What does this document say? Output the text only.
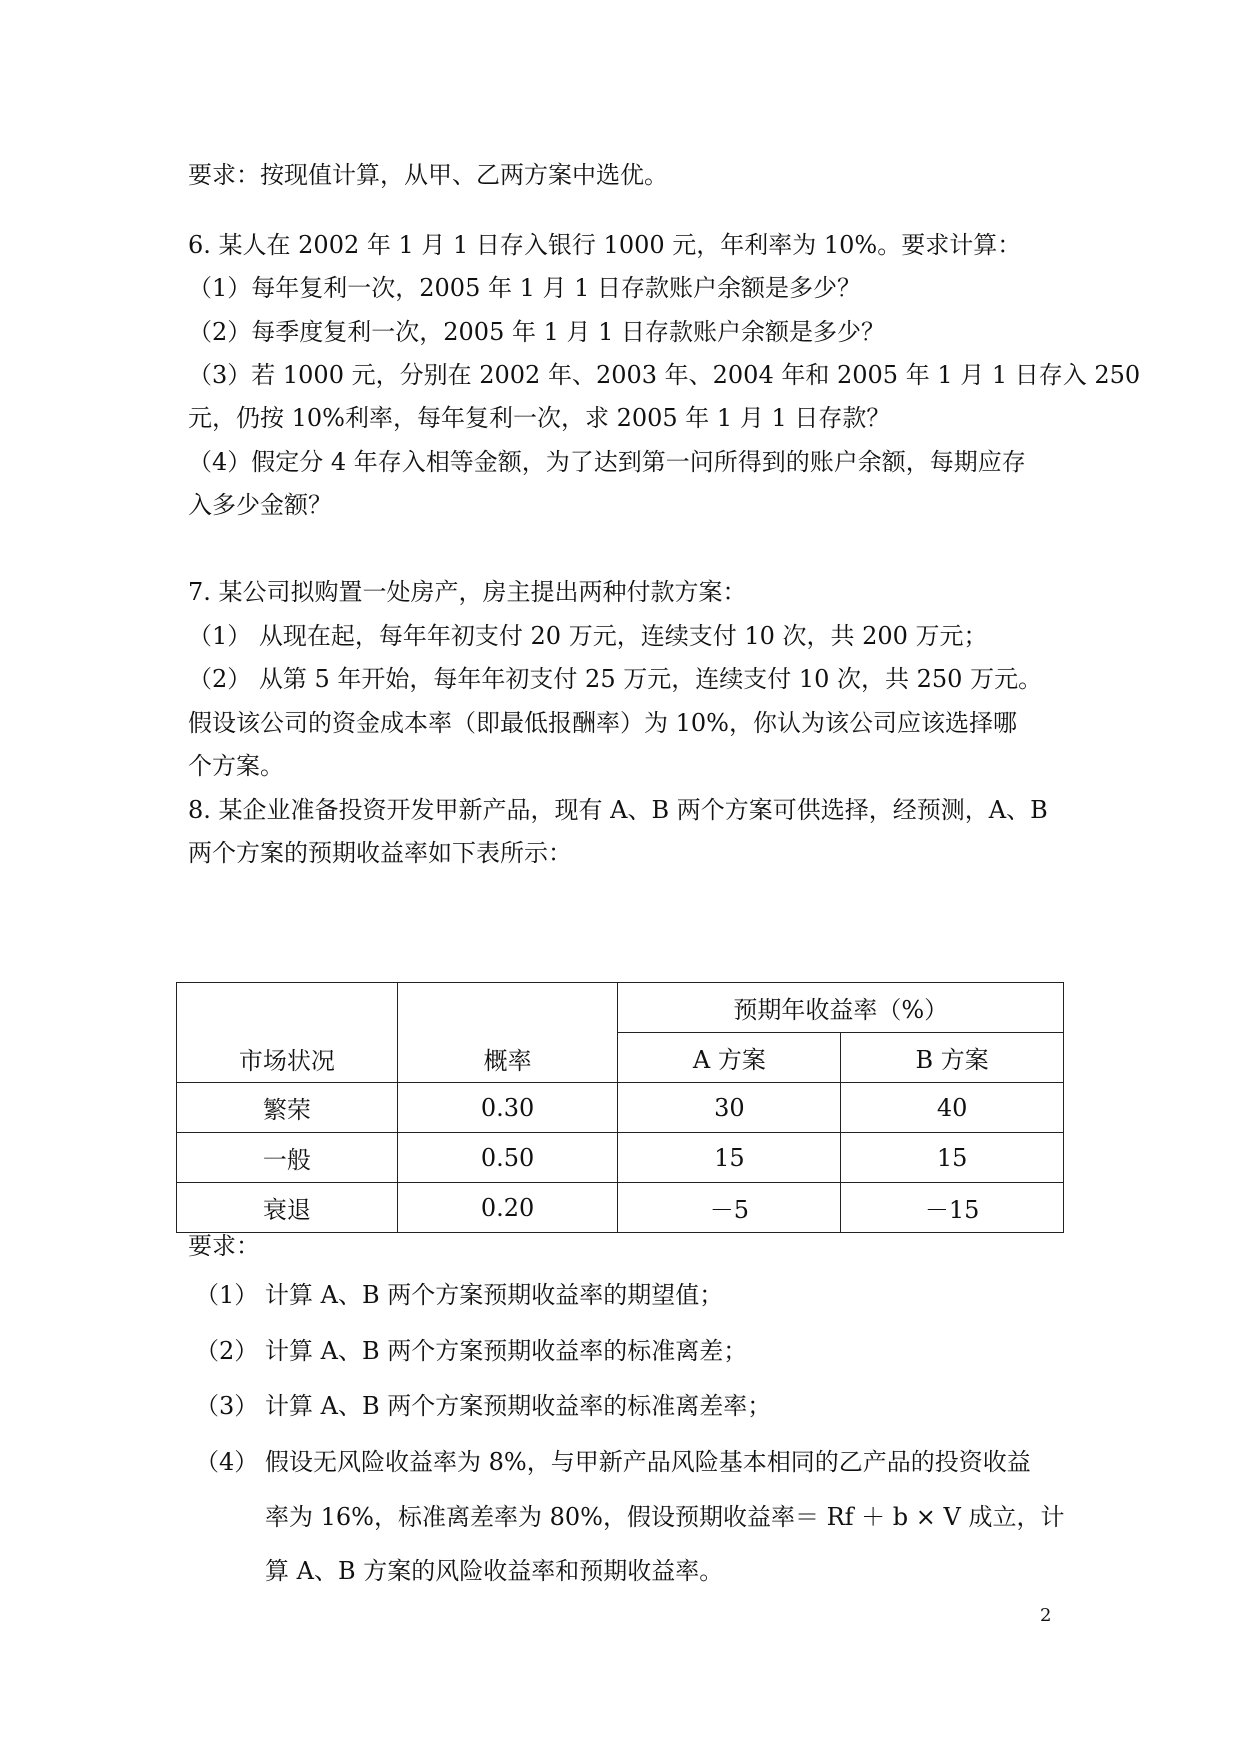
要求：按现值计算，从甲、乙两方案中选优。
6. 某人在 2002 年 1 月 1 日存入银行 1000 元，年利率为 10%。要求计算：
（1）每年复利一次，2005 年 1 月 1 日存款账户余额是多少？
（2）每季度复利一次，2005 年 1 月 1 日存款账户余额是多少？
（3）若 1000 元，分别在 2002 年、2003 年、2004 年和 2005 年 1 月 1 日存入 250
元，仍按 10%利率，每年复利一次，求 2005 年 1 月 1 日存款？
（4）假定分 4 年存入相等金额，为了达到第一问所得到的账户余额，每期应存
入多少金额？
7. 某公司拟购置一处房产，房主提出两种付款方案：
（1） 从现在起，每年年初支付 20 万元，连续支付 10 次，共 200 万元；
（2） 从第 5 年开始，每年年初支付 25 万元，连续支付 10 次，共 250 万元。
假设该公司的资金成本率（即最低报酬率）为 10%，你认为该公司应该选择哪
个方案。
8. 某企业准备投资开发甲新产品，现有 A、B 两个方案可供选择，经预测，A、B
两个方案的预期收益率如下表所示：
市场状况	概率	预期年收益率（%）	
		A 方案	B 方案
繁荣	0.30	30	40
一般	0.50	15	15
衰退	0.20	－5	－15
要求：
（1） 计算 A、B 两个方案预期收益率的期望值；
（2） 计算 A、B 两个方案预期收益率的标准离差；
（3） 计算 A、B 两个方案预期收益率的标准离差率；
（4） 假设无风险收益率为 8%，与甲新产品风险基本相同的乙产品的投资收益
率为 16%，标准离差率为 80%，假设预期收益率＝ Rf ＋ b × V 成立，计
算 A、B 方案的风险收益率和预期收益率。
2
